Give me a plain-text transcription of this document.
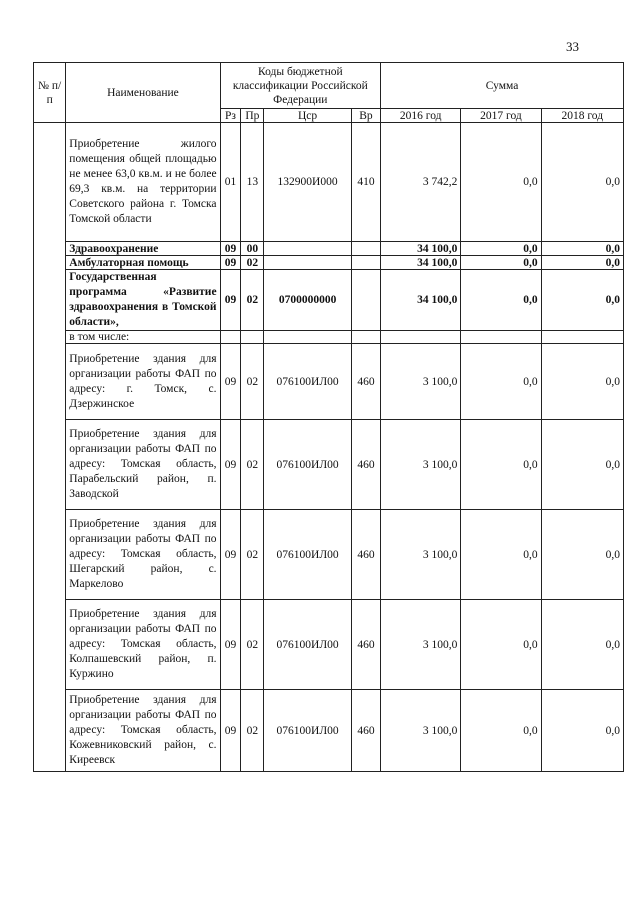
33
№ п/п	Наименование	Коды бюджетной классификации Российской Федерации				Сумма		
		Рз	Пр	Цср	Вр	2016 год	2017 год	2018 год
	Приобретение жилого помещения общей площадью не менее 63,0 кв.м. и не более 69,3 кв.м. на территории Советского района г. Томска Томской области	01	13	132900И000	410	3 742,2	0,0	0,0
	Здравоохранение	09	00			34 100,0	0,0	0,0
	Амбулаторная помощь	09	02			34 100,0	0,0	0,0
	Государственная программа «Развитие здравоохранения в Томской области»,	09	02	0700000000		34 100,0	0,0	0,0
	в том числе:							
	Приобретение здания для организации работы ФАП по адресу: г. Томск, с. Дзержинское	09	02	076100ИЛ00	460	3 100,0	0,0	0,0
	Приобретение здания для организации работы ФАП по адресу: Томская область, Парабельский район, п. Заводской	09	02	076100ИЛ00	460	3 100,0	0,0	0,0
	Приобретение здания для организации работы ФАП по адресу: Томская область, Шегарский район, с. Маркелово	09	02	076100ИЛ00	460	3 100,0	0,0	0,0
	Приобретение здания для организации работы ФАП по адресу: Томская область, Колпашевский район, п. Куржино	09	02	076100ИЛ00	460	3 100,0	0,0	0,0
	Приобретение здания для организации работы ФАП по адресу: Томская область, Кожевниковский район, с. Киреевск	09	02	076100ИЛ00	460	3 100,0	0,0	0,0
